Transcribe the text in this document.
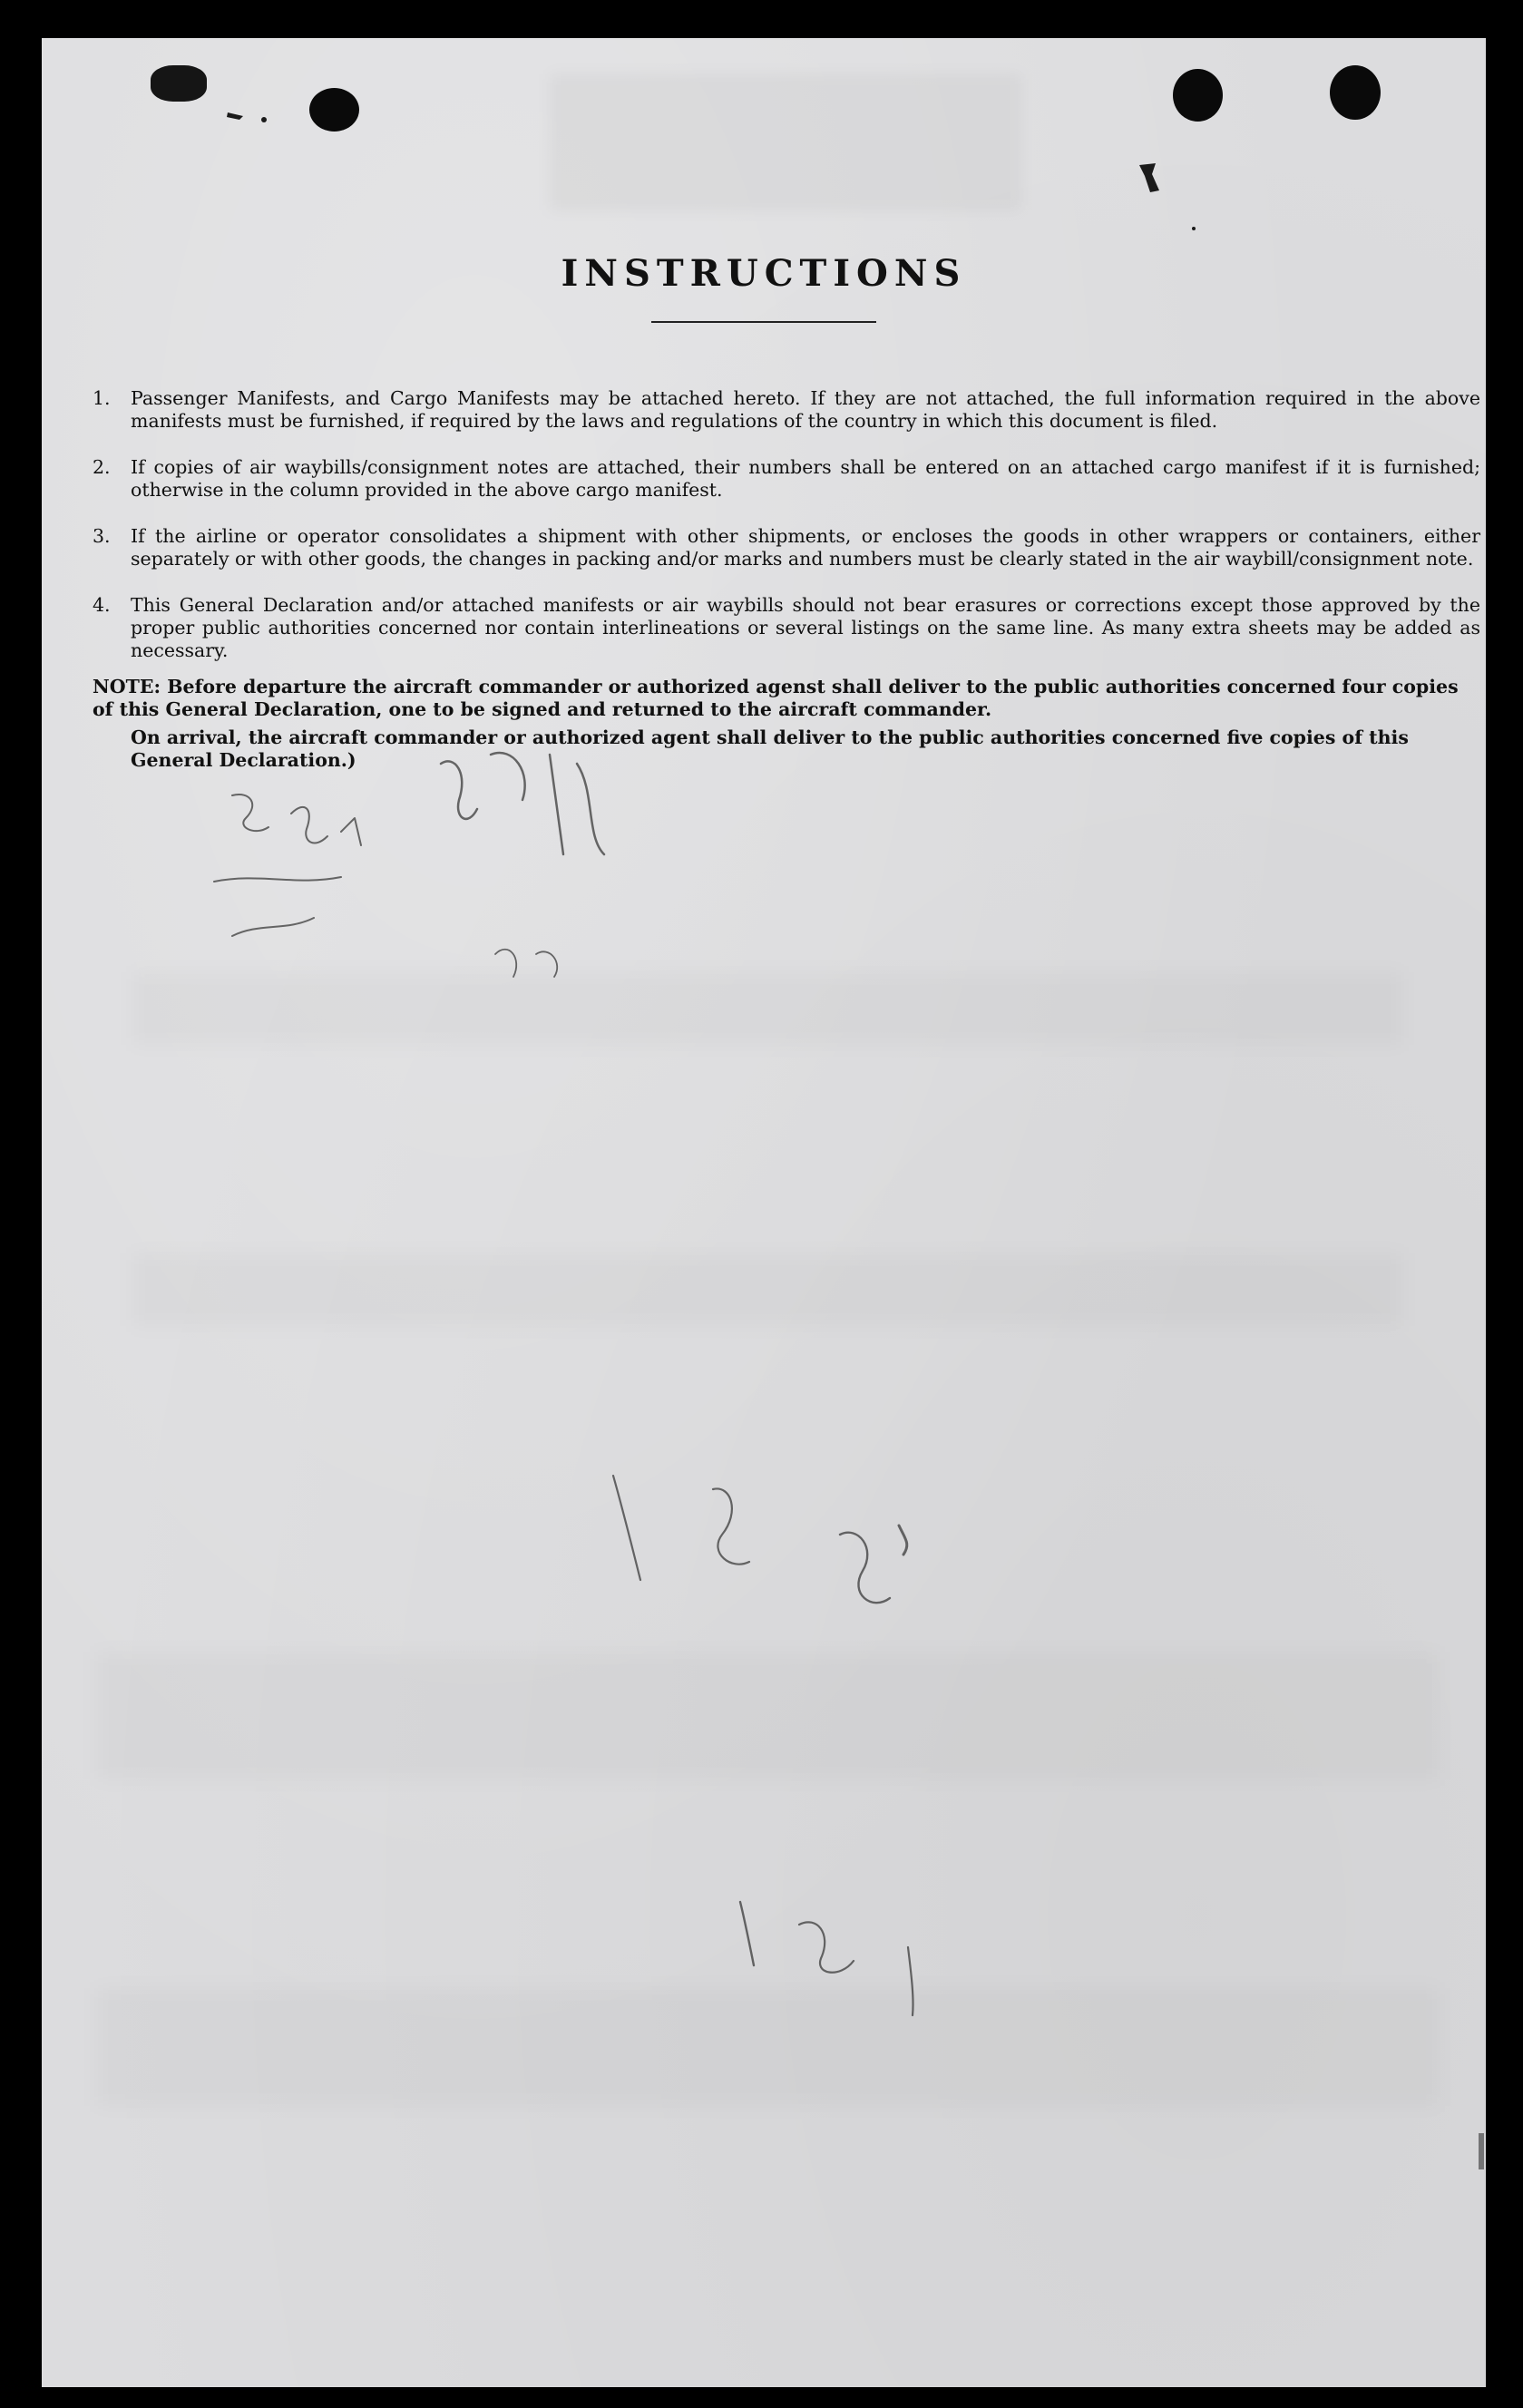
INSTRUCTIONS
1. Passenger Manifests, and Cargo Manifests may be attached hereto. If they are not attached, the full information required in the above manifests must be furnished, if required by the laws and regulations of the country in which this document is filed.
2. If copies of air waybills/consignment notes are attached, their numbers shall be entered on an attached cargo manifest if it is furnished; otherwise in the column provided in the above cargo manifest.
3. If the airline or operator consolidates a shipment with other shipments, or encloses the goods in other wrappers or containers, either separately or with other goods, the changes in packing and/or marks and numbers must be clearly stated in the air waybill/consignment note.
4. This General Declaration and/or attached manifests or air waybills should not bear erasures or corrections except those approved by the proper public authorities concerned nor contain interlineations or several listings on the same line. As many extra sheets may be added as necessary.

NOTE: Before departure the aircraft commander or authorized agenst shall deliver to the public authorities concerned four copies of this General Declaration, one to be signed and returned to the aircraft commander.

On arrival, the aircraft commander or authorized agent shall deliver to the public authorities concerned five copies of this General Declaration.)
